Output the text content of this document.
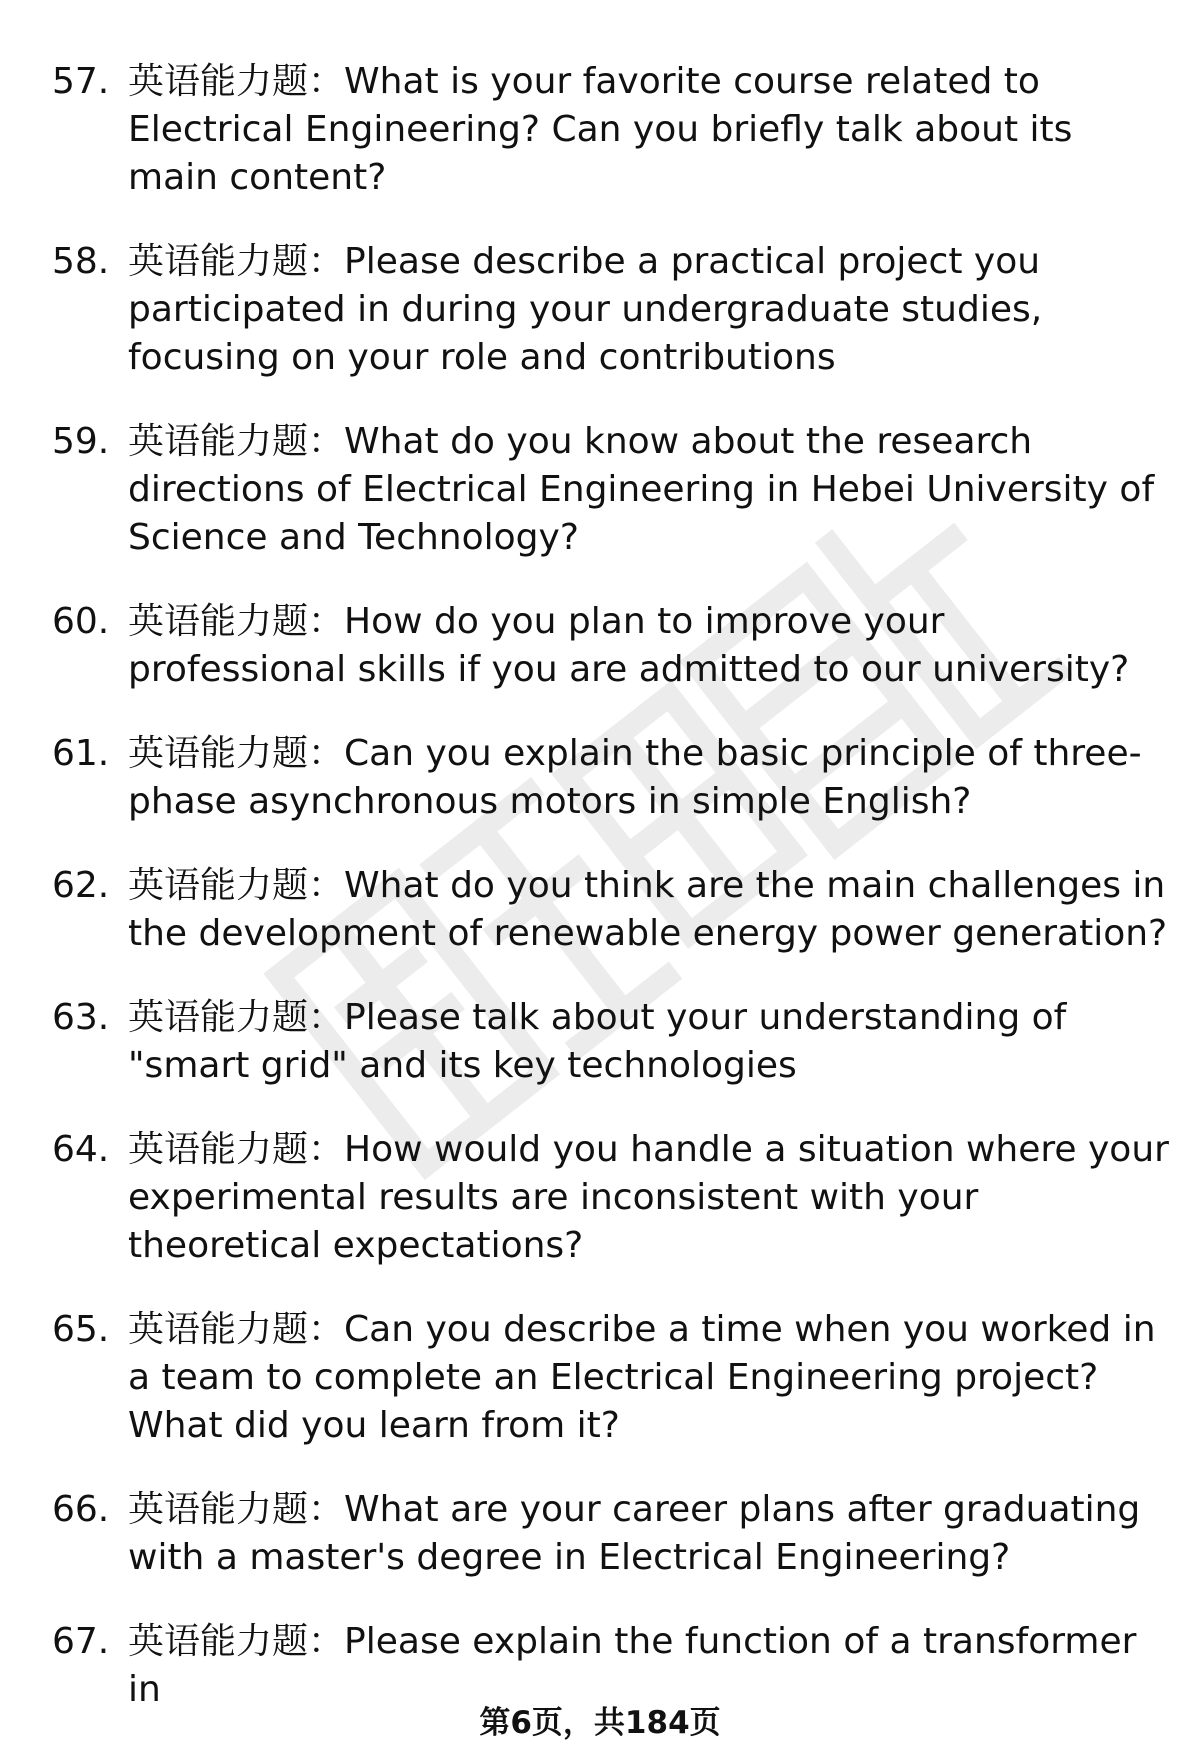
57. 英语能力题：What is your favorite course related to Electrical Engineering? Can you briefly talk about its main content?
58. 英语能力题：Please describe a practical project you participated in during your undergraduate studies, focusing on your role and contributions
59. 英语能力题：What do you know about the research directions of Electrical Engineering in Hebei University of Science and Technology?
60. 英语能力题：How do you plan to improve your professional skills if you are admitted to our university?
61. 英语能力题：Can you explain the basic principle of three-phase asynchronous motors in simple English?
62. 英语能力题：What do you think are the main challenges in the development of renewable energy power generation?
63. 英语能力题：Please talk about your understanding of "smart grid" and its key technologies
64. 英语能力题：How would you handle a situation where your experimental results are inconsistent with your theoretical expectations?
65. 英语能力题：Can you describe a time when you worked in a team to complete an Electrical Engineering project? What did you learn from it?
66. 英语能力题：What are your career plans after graduating with a master's degree in Electrical Engineering?
67. 英语能力题：Please explain the function of a transformer in
第6页，共184页
